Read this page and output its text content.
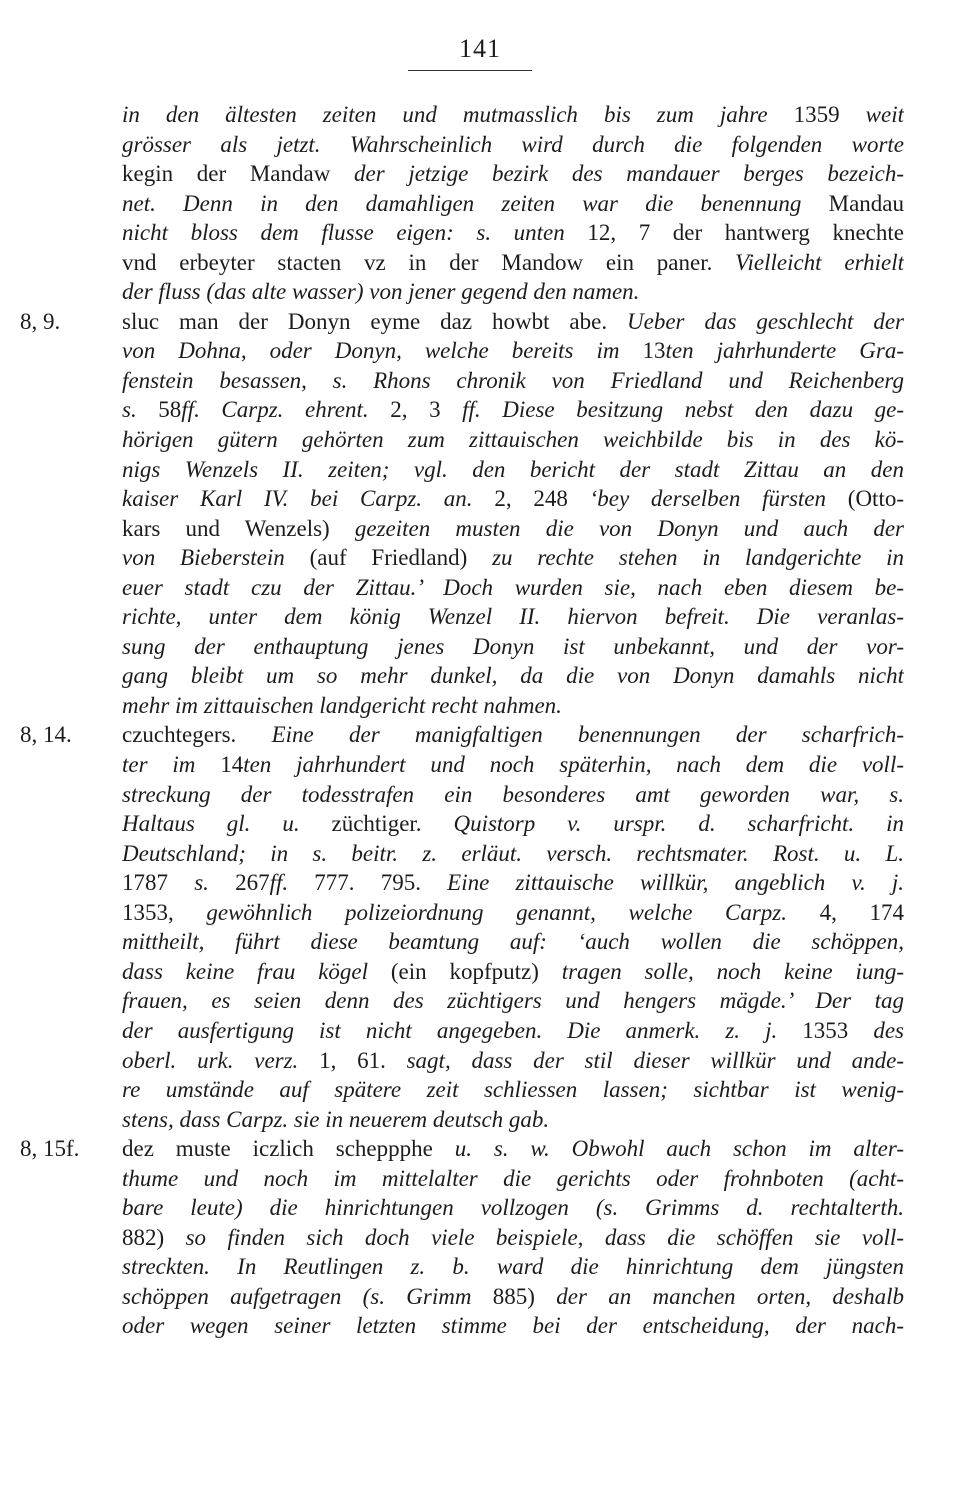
141
in den ältesten zeiten und mutmasslich bis zum jahre 1359 weit
grösser als jetzt. Wahrscheinlich wird durch die folgenden worte
kegin der Mandaw der jetzige bezirk des mandauer berges bezeich-
net. Denn in den damahligen zeiten war die benennung Mandau
nicht bloss dem flusse eigen: s. unten 12, 7 der hantwerg knechte
vnd erbeyter stacten vz in der Mandow ein paner. Vielleicht erhielt
der fluss (das alte wasser) von jener gegend den namen.
8, 9.	sluc man der Donyn eyme daz howbt abe. Ueber das geschlecht der
von Dohna, oder Donyn, welche bereits im 13ten jahrhunderte Gra-
fenstein besassen, s. Rhons chronik von Friedland und Reichenberg
s. 58ff. Carpz. ehrent. 2, 3 ff. Diese besitzung nebst den dazu ge-
hörigen gütern gehörten zum zittauischen weichbilde bis in des kö-
nigs Wenzels II. zeiten; vgl. den bericht der stadt Zittau an den
kaiser Karl IV. bei Carpz. an. 2, 248 ‘bey derselben fürsten (Otto-
kars und Wenzels) gezeiten musten die von Donyn und auch der
von Bieberstein (auf Friedland) zu rechte stehen in landgerichte in
euer stadt czu der Zittau.’ Doch wurden sie, nach eben diesem be-
richte, unter dem könig Wenzel II. hiervon befreit. Die veranlas-
sung der enthauptung jenes Donyn ist unbekannt, und der vor-
gang bleibt um so mehr dunkel, da die von Donyn damahls nicht
mehr im zittauischen landgericht recht nahmen.
8, 14. czuchtegers. Eine der manigfaltigen benennungen der scharfrich-
ter im 14ten jahrhundert und noch späterhin, nach dem die voll-
streckung der todesstrafen ein besonderes amt geworden war, s.
Haltaus gl. u. züchtiger. Quistorp v. urspr. d. scharfricht. in
Deutschland; in s. beitr. z. erläut. versch. rechtsmater. Rost. u. L.
1787 s. 267ff. 777. 795. Eine zittauische willkür, angeblich v. j.
1353, gewöhnlich polizeiordnung genannt, welche Carpz. 4, 174
mittheilt, führt diese beamtung auf: ‘auch wollen die schöppen,
dass keine frau kögel (ein kopfputz) tragen solle, noch keine iung-
frauen, es seien denn des züchtigers und hengers mägde.’ Der tag
der ausfertigung ist nicht angegeben. Die anmerk. z. j. 1353 des
oberl. urk. verz. 1, 61. sagt, dass der stil dieser willkür und ande-
re umstände auf spätere zeit schliessen lassen; sichtbar ist wenig-
stens, dass Carpz. sie in neuerem deutsch gab.
8, 15f. dez muste iczlich scheppphe u. s. w. Obwohl auch schon im alter-
thume und noch im mittelalter die gerichts oder frohnboten (acht-
bare leute) die hinrichtungen vollzogen (s. Grimms d. rechtalterth.
882) so finden sich doch viele beispiele, dass die schöffen sie voll-
streckten. In Reutlingen z. b. ward die hinrichtung dem jüngsten
schöppen aufgetragen (s. Grimm 885) der an manchen orten, deshalb
oder wegen seiner letzten stimme bei der entscheidung, der nach-
